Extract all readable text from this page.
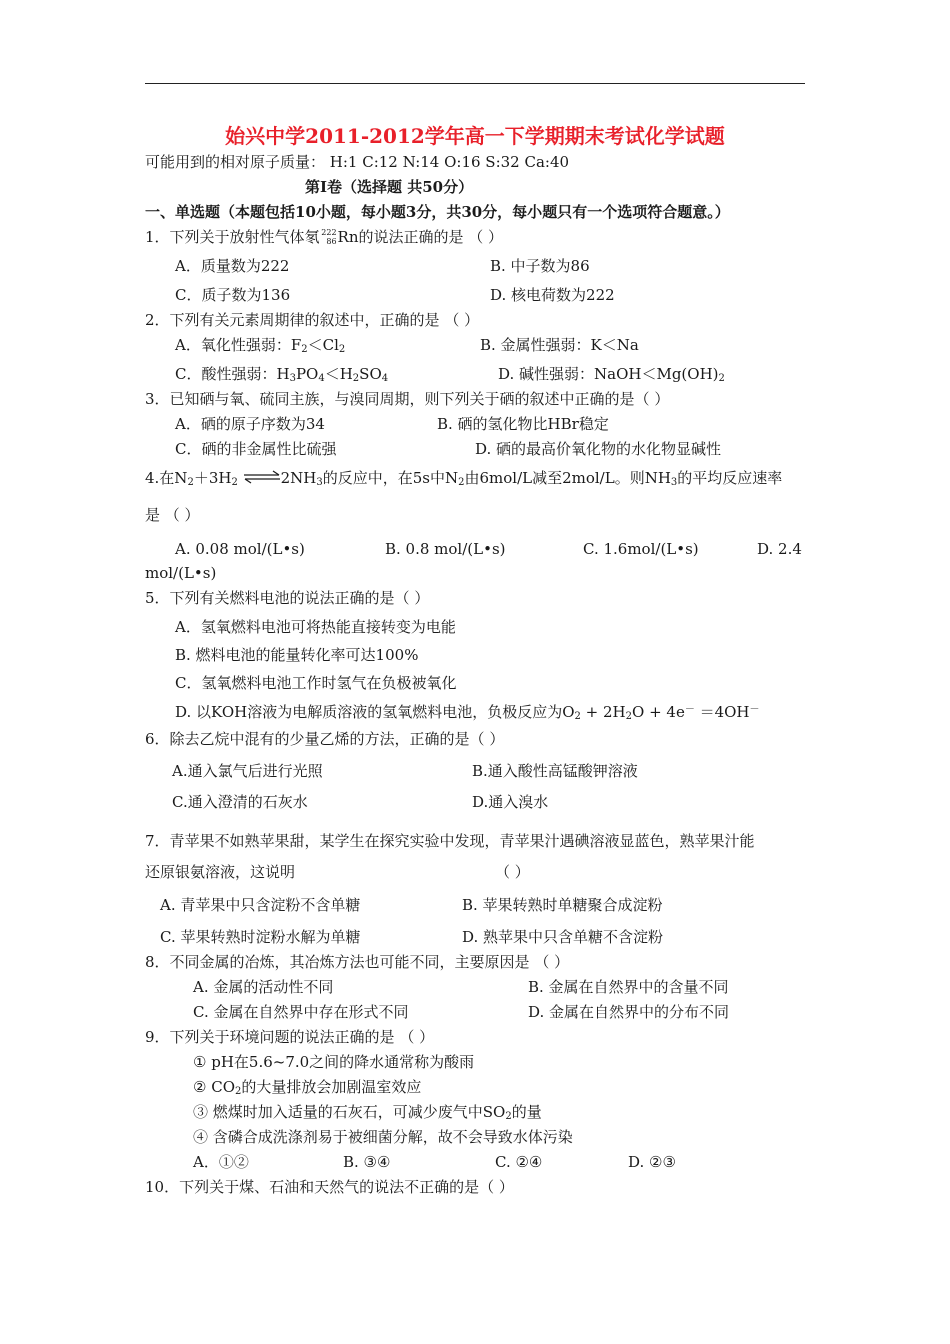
始兴中学2011-2012学年高一下学期期末考试化学试题
可能用到的相对原子质量： H:1 C:12 N:14 O:16 S:32 Ca:40
第Ⅰ卷（选择题 共50分）
一、单选题（本题包括10小题，每小题3分，共30分，每小题只有一个选项符合题意。）
1．下列关于放射性气体氡 222
86 Rn的说法正确的是 （ ）
A．质量数为222	B. 中子数为86
C．质子数为136	D. 核电荷数为222
2．下列有关元素周期律的叙述中，正确的是 （ ）
A．氧化性强弱：$F_2<Cl_2$	B. 金属性强弱：K＜Na
C．酸性强弱：$H_3PO_4<H_2SO_4$	D. 碱性强弱：$NaOH<Mg(OH)_2$
3．已知硒与氧、硫同主族，与溴同周期，则下列关于硒的叙述中正确的是（ ）
A．硒的原子序数为34	B. 硒的氢化物比HBr稳定
C．硒的非金属性比硫强	D. 硒的最高价氧化物的水化物显碱性
4.在$N_2+3H_2$ $\rightleftharpoons 2NH_3$的反应中，在5s中$N_2$由6mol/L减至2mol/L。则$NH_3$的平均反应速率
是 （ ）
A. 0.08 mol/(L•s)	B. 0.8 mol/(L•s)	C. 1.6mol/(L•s)	D. 2.4
mol/(L•s)
5．下列有关燃料电池的说法正确的是（ ）
A．氢氧燃料电池可将热能直接转变为电能
B. 燃料电池的能量转化率可达100%
C．氢氧燃料电池工作时氢气在负极被氧化
D. 以KOH溶液为电解质溶液的氢氧燃料电池，负极反应为$O_2 + 2H_2O + 4e^- =4OH^-$
6．除去乙烷中混有的少量乙烯的方法，正确的是（ ）
A.通入氯气后进行光照	B.通入酸性高锰酸钾溶液
C.通入澄清的石灰水	D.通入溴水
7．青苹果不如熟苹果甜，某学生在探究实验中发现，青苹果汁遇碘溶液显蓝色，熟苹果汁能
还原银氨溶液，这说明	（ ）
A. 青苹果中只含淀粉不含单糖	B. 苹果转熟时单糖聚合成淀粉
C. 苹果转熟时淀粉水解为单糖	D. 熟苹果中只含单糖不含淀粉
8．不同金属的冶炼，其冶炼方法也可能不同，主要原因是 （ ）
A. 金属的活动性不同	B. 金属在自然界中的含量不同
C. 金属在自然界中存在形式不同	D. 金属在自然界中的分布不同
9．下列关于环境问题的说法正确的是 （ ）
① pH在5.6~7.0之间的降水通常称为酸雨
② $CO_2$的大量排放会加剧温室效应
③ 燃煤时加入适量的石灰石，可减少废气中$SO_2$的量
④ 含磷合成洗涤剂易于被细菌分解，故不会导致水体污染
A．①②	B. ③④	C. ②④	D. ②③
10．下列关于煤、石油和天然气的说法不正确的是（ ）
